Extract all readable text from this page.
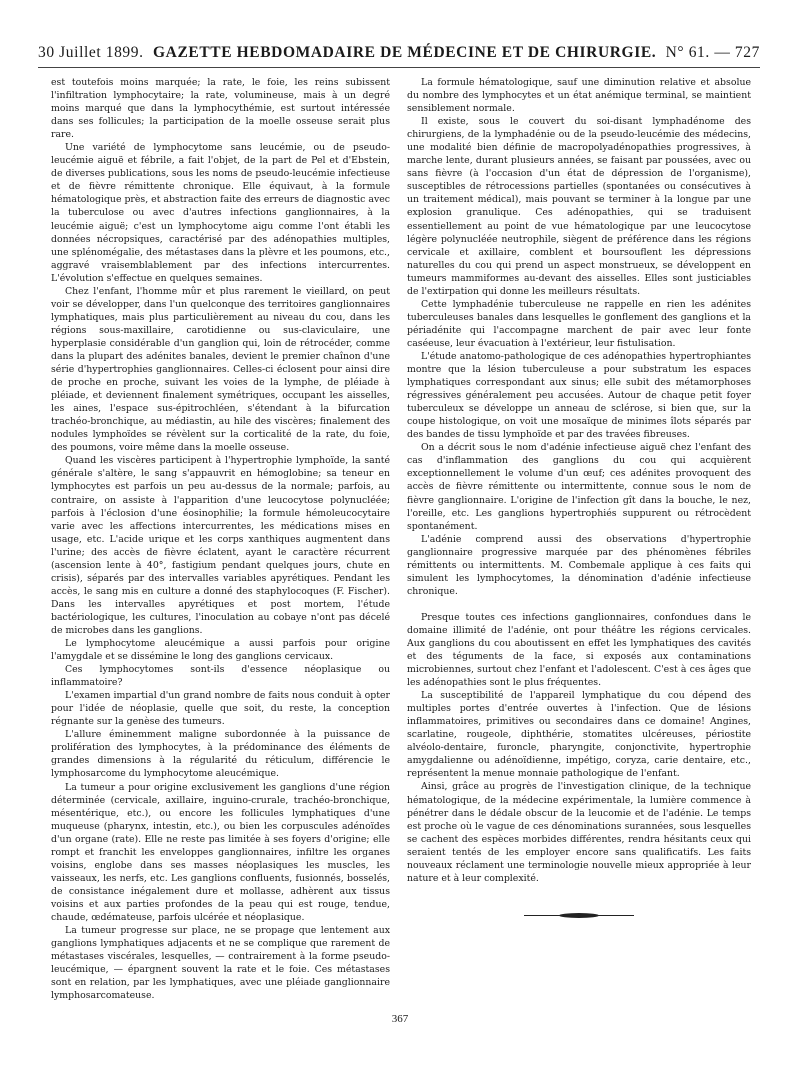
30 Juillet 1899. GAZETTE HEBDOMADAIRE DE MÉDECINE ET DE CHIRURGIE. N° 61. — 727

est toutefois moins marquée; la rate, le foie, les reins subissent l'infiltration lymphocytaire; la rate, volumineuse, mais à un degré moins marqué que dans la lymphocythémie, est surtout intéressée dans ses follicules; la participation de la moelle osseuse serait plus rare.

Une variété de lymphocytome sans leucémie, ou de pseudo-leucémie aiguë et fébrile, a fait l'objet, de la part de Pel et d'Ebstein, de diverses publications, sous les noms de pseudo-leucémie infectieuse et de fièvre rémittente chronique. Elle équivaut, à la formule hématologique près, et abstraction faite des erreurs de diagnostic avec la tuberculose ou avec d'autres infections ganglionnaires, à la leucémie aiguë; c'est un lymphocytome aigu comme l'ont établi les données nécropsiques, caractérisé par des adénopathies multiples, une splénomégalie, des métastases dans la plèvre et les poumons, etc., aggravé vraisemblablement par des infections intercurrentes. L'évolution s'effectue en quelques semaines.

Chez l'enfant, l'homme mûr et plus rarement le vieillard, on peut voir se développer, dans l'un quelconque des territoires ganglionnaires lymphatiques, mais plus particulièrement au niveau du cou, dans les régions sous-maxillaire, carotidienne ou sus-claviculaire, une hyperplasie considérable d'un ganglion qui, loin de rétrocéder, comme dans la plupart des adénites banales, devient le premier chaînon d'une série d'hypertrophies ganglionnaires. Celles-ci éclosent pour ainsi dire de proche en proche, suivant les voies de la lymphe, de pléiade à pléiade, et deviennent finalement symétriques, occupant les aisselles, les aines, l'espace sus-épitrochléen, s'étendant à la bifurcation trachéo-bronchique, au médiastin, au hile des viscères; finalement des nodules lymphoïdes se révèlent sur la corticalité de la rate, du foie, des poumons, voire même dans la moelle osseuse.

Quand les viscères participent à l'hypertrophie lymphoïde, la santé générale s'altère, le sang s'appauvrit en hémoglobine; sa teneur en lymphocytes est parfois un peu au-dessus de la normale; parfois, au contraire, on assiste à l'apparition d'une leucocytose polynucléée; parfois à l'éclosion d'une éosinophilie; la formule hémoleucocytaire varie avec les affections intercurrentes, les médications mises en usage, etc. L'acide urique et les corps xanthiques augmentent dans l'urine; des accès de fièvre éclatent, ayant le caractère récurrent (ascension lente à 40°, fastigium pendant quelques jours, chute en crisis), séparés par des intervalles variables apyrétiques. Pendant les accès, le sang mis en culture a donné des staphylocoques (F. Fischer). Dans les intervalles apyrétiques et post mortem, l'étude bactériologique, les cultures, l'inoculation au cobaye n'ont pas décelé de microbes dans les ganglions.

Le lymphocytome aleucémique a aussi parfois pour origine l'amygdale et se dissémine le long des ganglions cervicaux.

Ces lymphocytomes sont-ils d'essence néoplasique ou inflammatoire?

L'examen impartial d'un grand nombre de faits nous conduit à opter pour l'idée de néoplasie, quelle que soit, du reste, la conception régnante sur la genèse des tumeurs.

L'allure éminemment maligne subordonnée à la puissance de prolifération des lymphocytes, à la prédominance des éléments de grandes dimensions à la régularité du réticulum, différencie le lymphosarcome du lymphocytome aleucémique.

La tumeur a pour origine exclusivement les ganglions d'une région déterminée (cervicale, axillaire, inguino-crurale, trachéo-bronchique, mésentérique, etc.), ou encore les follicules lymphatiques d'une muqueuse (pharynx, intestin, etc.), ou bien les corpuscules adénoïdes d'un organe (rate). Elle ne reste pas limitée à ses foyers d'origine; elle rompt et franchit les enveloppes ganglionnaires, infiltre les organes voisins, englobe dans ses masses néoplasiques les muscles, les vaisseaux, les nerfs, etc. Les ganglions confluents, fusionnés, bosselés, de consistance inégalement dure et mollasse, adhèrent aux tissus voisins et aux parties profondes de la peau qui est rouge, tendue, chaude, œdémateuse, parfois ulcérée et néoplasique.

La tumeur progresse sur place, ne se propage que lentement aux ganglions lymphatiques adjacents et ne se complique que rarement de métastases viscérales, lesquelles, — contrairement à la forme pseudo-leucémique, — épargnent souvent la rate et le foie. Ces métastases sont en relation, par les lymphatiques, avec une pléiade ganglionnaire lymphosarcomateuse.

La formule hématologique, sauf une diminution relative et absolue du nombre des lymphocytes et un état anémique terminal, se maintient sensiblement normale.

Il existe, sous le couvert du soi-disant lymphadénome des chirurgiens, de la lymphadénie ou de la pseudo-leucémie des médecins, une modalité bien définie de macropolyadénopathies progressives, à marche lente, durant plusieurs années, se faisant par poussées, avec ou sans fièvre (à l'occasion d'un état de dépression de l'organisme), susceptibles de rétrocessions partielles (spontanées ou consécutives à un traitement médical), mais pouvant se terminer à la longue par une explosion granulique. Ces adénopathies, qui se traduisent essentiellement au point de vue hématologique par une leucocytose légère polynucléée neutrophile, siègent de préférence dans les régions cervicale et axillaire, comblent et boursouflent les dépressions naturelles du cou qui prend un aspect monstrueux, se développent en tumeurs mammiformes au-devant des aisselles. Elles sont justiciables de l'extirpation qui donne les meilleurs résultats.

Cette lymphadénie tuberculeuse ne rappelle en rien les adénites tuberculeuses banales dans lesquelles le gonflement des ganglions et la périadénite qui l'accompagne marchent de pair avec leur fonte caséeuse, leur évacuation à l'extérieur, leur fistulisation.

L'étude anatomo-pathologique de ces adénopathies hypertrophiantes montre que la lésion tuberculeuse a pour substratum les espaces lymphatiques correspondant aux sinus; elle subit des métamorphoses régressives généralement peu accusées. Autour de chaque petit foyer tuberculeux se développe un anneau de sclérose, si bien que, sur la coupe histologique, on voit une mosaïque de minimes îlots séparés par des bandes de tissu lymphoïde et par des travées fibreuses.

On a décrit sous le nom d'adénie infectieuse aiguë chez l'enfant des cas d'inflammation des ganglions du cou qui acquièrent exceptionnellement le volume d'un œuf; ces adénites provoquent des accès de fièvre rémittente ou intermittente, connue sous le nom de fièvre ganglionnaire. L'origine de l'infection gît dans la bouche, le nez, l'oreille, etc. Les ganglions hypertrophiés suppurent ou rétrocèdent spontanément.

L'adénie comprend aussi des observations d'hypertrophie ganglionnaire progressive marquée par des phénomènes fébriles rémittents ou intermittents. M. Combemale applique à ces faits qui simulent les lymphocytomes, la dénomination d'adénie infectieuse chronique.

Presque toutes ces infections ganglionnaires, confondues dans le domaine illimité de l'adénie, ont pour théâtre les régions cervicales. Aux ganglions du cou aboutissent en effet les lymphatiques des cavités et des téguments de la face, si exposés aux contaminations microbiennes, surtout chez l'enfant et l'adolescent. C'est à ces âges que les adénopathies sont le plus fréquentes.

La susceptibilité de l'appareil lymphatique du cou dépend des multiples portes d'entrée ouvertes à l'infection. Que de lésions inflammatoires, primitives ou secondaires dans ce domaine! Angines, scarlatine, rougeole, diphthérie, stomatites ulcéreuses, périostite alvéolo-dentaire, furoncle, pharyngite, conjonctivite, hypertrophie amygdalienne ou adénoïdienne, impétigo, coryza, carie dentaire, etc., représentent la menue monnaie pathologique de l'enfant.

Ainsi, grâce au progrès de l'investigation clinique, de la technique hématologique, de la médecine expérimentale, la lumière commence à pénétrer dans le dédale obscur de la leucomie et de l'adénie. Le temps est proche où le vague de ces dénominations surannées, sous lesquelles se cachent des espèces morbides différentes, rendra hésitants ceux qui seraient tentés de les employer encore sans qualificatifs. Les faits nouveaux réclament une terminologie nouvelle mieux appropriée à leur nature et à leur complexité.

367
